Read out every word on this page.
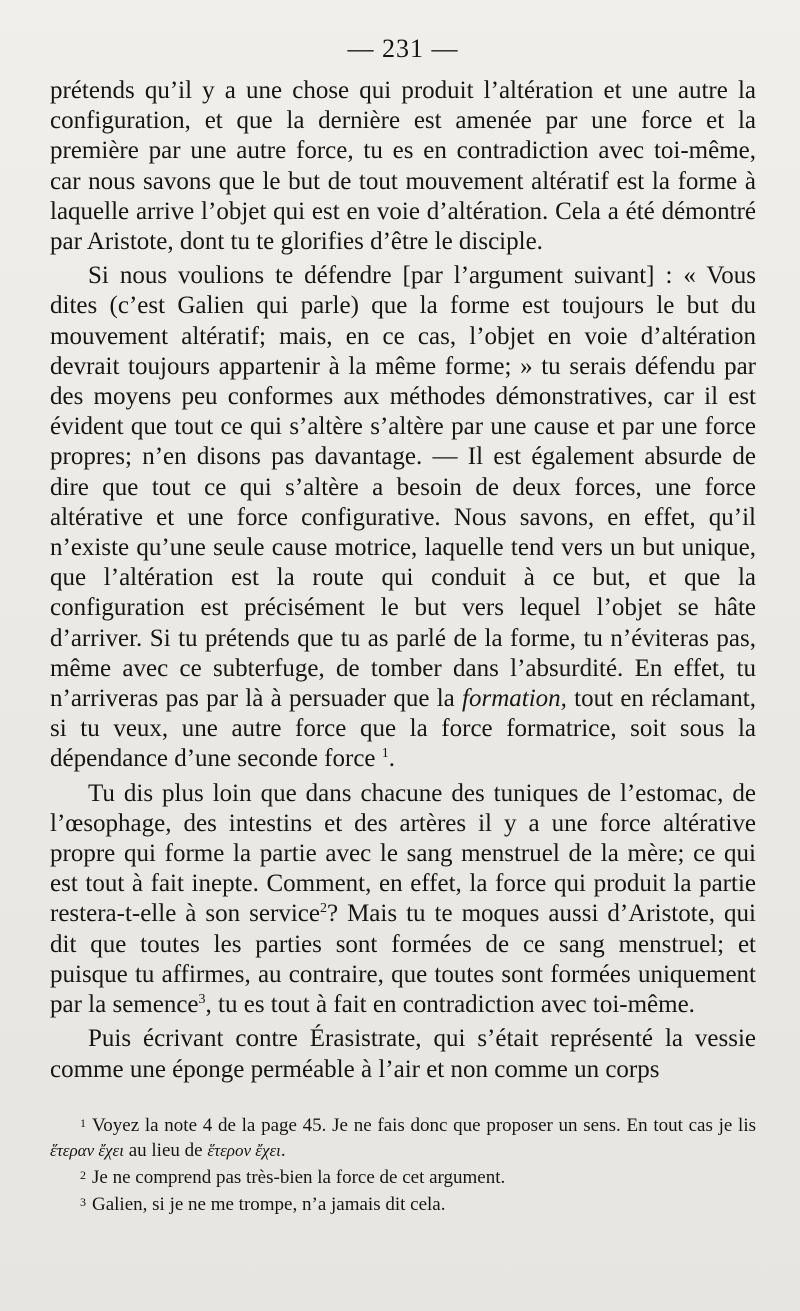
— 231 —

prétends qu’il y a une chose qui produit l’altération et une autre la configuration, et que la dernière est amenée par une force et la première par une autre force, tu es en contradiction avec toi-même, car nous savons que le but de tout mouvement altératif est la forme à laquelle arrive l’objet qui est en voie d’altération. Cela a été démontré par Aristote, dont tu te glorifies d’être le disciple.

Si nous voulions te défendre [par l’argument suivant] : « Vous dites (c’est Galien qui parle) que la forme est toujours le but du mouvement altératif; mais, en ce cas, l’objet en voie d’altération devrait toujours appartenir à la même forme; » tu serais défendu par des moyens peu conformes aux méthodes démonstratives, car il est évident que tout ce qui s’altère s’altère par une cause et par une force propres; n’en disons pas davantage. — Il est également absurde de dire que tout ce qui s’altère a besoin de deux forces, une force altérative et une force configurative. Nous savons, en effet, qu’il n’existe qu’une seule cause motrice, laquelle tend vers un but unique, que l’altération est la route qui conduit à ce but, et que la configuration est précisément le but vers lequel l’objet se hâte d’arriver. Si tu prétends que tu as parlé de la forme, tu n’éviteras pas, même avec ce subterfuge, de tomber dans l’absurdité. En effet, tu n’arriveras pas par là à persuader que la formation, tout en réclamant, si tu veux, une autre force que la force formatrice, soit sous la dépendance d’une seconde force $^1$.

Tu dis plus loin que dans chacune des tuniques de l’estomac, de l’œsophage, des intestins et des artères il y a une force altérative propre qui forme la partie avec le sang menstruel de la mère; ce qui est tout à fait inepte. Comment, en effet, la force qui produit la partie restera-t-elle à son service$^2$? Mais tu te moques aussi d’Aristote, qui dit que toutes les parties sont formées de ce sang menstruel; et puisque tu affirmes, au contraire, que toutes sont formées uniquement par la semence$^3$, tu es tout à fait en contradiction avec toi-même.

Puis écrivant contre Érasistrate, qui s’était représenté la vessie comme une éponge perméable à l’air et non comme un corps

$^1$ Voyez la note 4 de la page 45. Je ne fais donc que proposer un sens. En tout cas je lis ἕτεραν ἔχει au lieu de ἕτερον ἔχει.

$^2$ Je ne comprend pas très-bien la force de cet argument.

$^3$ Galien, si je ne me trompe, n’a jamais dit cela.
